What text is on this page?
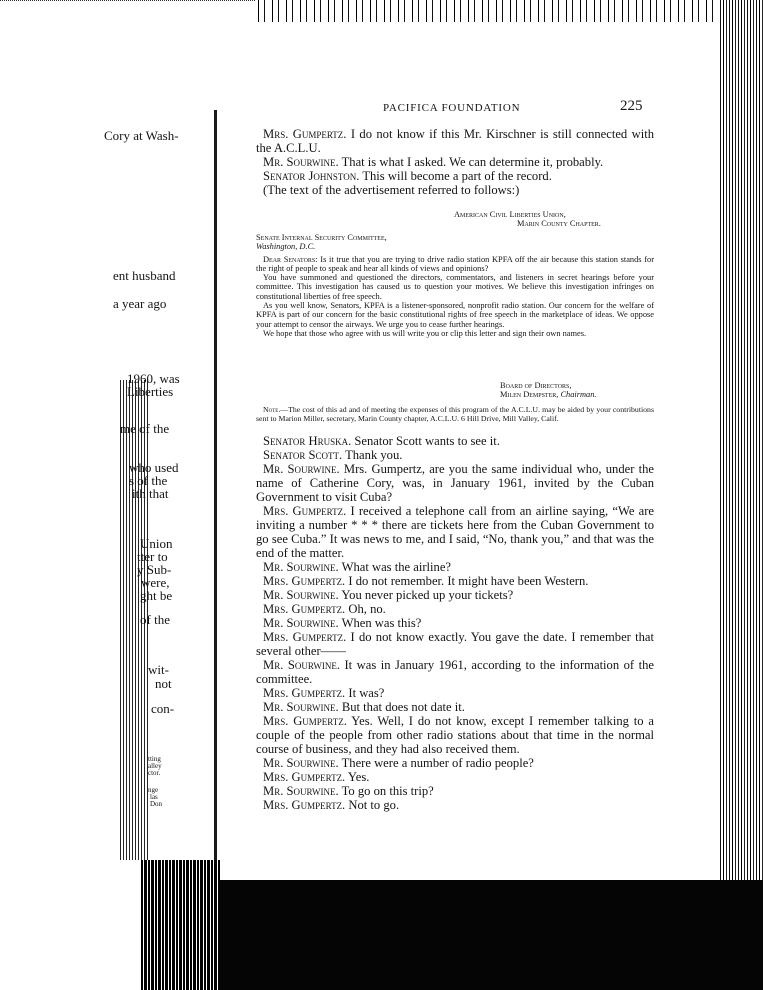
Cory at Wash-
ent husband
a year ago
1960, was
Liberties
me of the
who used
s of the
ith that
Union
tter to
y Sub-
were,
ght be
of the
wit-
not
con-
tting
alley
ctor.
nge
las
Don
PACIFICA FOUNDATION	225

Mrs. Gumpertz. I do not know if this Mr. Kirschner is still connected with the A.C.L.U.

Mr. Sourwine. That is what I asked. We can determine it, probably.

Senator Johnston. This will become a part of the record.

(The text of the advertisement referred to follows:)

American Civil Liberties Union,
Marin County Chapter.
Senate Internal Security Committee,
Washington, D.C.

Dear Senators: Is it true that you are trying to drive radio station KPFA off the air because this station stands for the right of people to speak and hear all kinds of views and opinions?

You have summoned and questioned the directors, commentators, and listeners in secret hearings before your committee. This investigation has caused us to question your motives. We believe this investigation infringes on constitutional liberties of free speech.

As you well know, Senators, KPFA is a listener-sponsored, nonprofit radio station. Our concern for the welfare of KPFA is part of our concern for the basic constitutional rights of free speech in the marketplace of ideas. We oppose your attempt to censor the airways. We urge you to cease further hearings.

We hope that those who agree with us will write you or clip this letter and sign their own names.

Board of Directors,
Milen Dempster, Chairman.

Note.—The cost of this ad and of meeting the expenses of this program of the A.C.L.U. may be aided by your contributions sent to Marion Miller, secretary, Marin County chapter, A.C.L.U. 6 Hill Drive, Mill Valley, Calif.

Senator Hruska. Senator Scott wants to see it.

Senator Scott. Thank you.

Mr. Sourwine. Mrs. Gumpertz, are you the same individual who, under the name of Catherine Cory, was, in January 1961, invited by the Cuban Government to visit Cuba?

Mrs. Gumpertz. I received a telephone call from an airline saying, “We are inviting a number * * * there are tickets here from the Cuban Government to go see Cuba.” It was news to me, and I said, “No, thank you,” and that was the end of the matter.

Mr. Sourwine. What was the airline?

Mrs. Gumpertz. I do not remember. It might have been Western.

Mr. Sourwine. You never picked up your tickets?

Mrs. Gumpertz. Oh, no.

Mr. Sourwine. When was this?

Mrs. Gumpertz. I do not know exactly. You gave the date. I remember that several other——

Mr. Sourwine. It was in January 1961, according to the information of the committee.

Mrs. Gumpertz. It was?

Mr. Sourwine. But that does not date it.

Mrs. Gumpertz. Yes. Well, I do not know, except I remember talking to a couple of the people from other radio stations about that time in the normal course of business, and they had also received them.

Mr. Sourwine. There were a number of radio people?

Mrs. Gumpertz. Yes.

Mr. Sourwine. To go on this trip?

Mrs. Gumpertz. Not to go.
